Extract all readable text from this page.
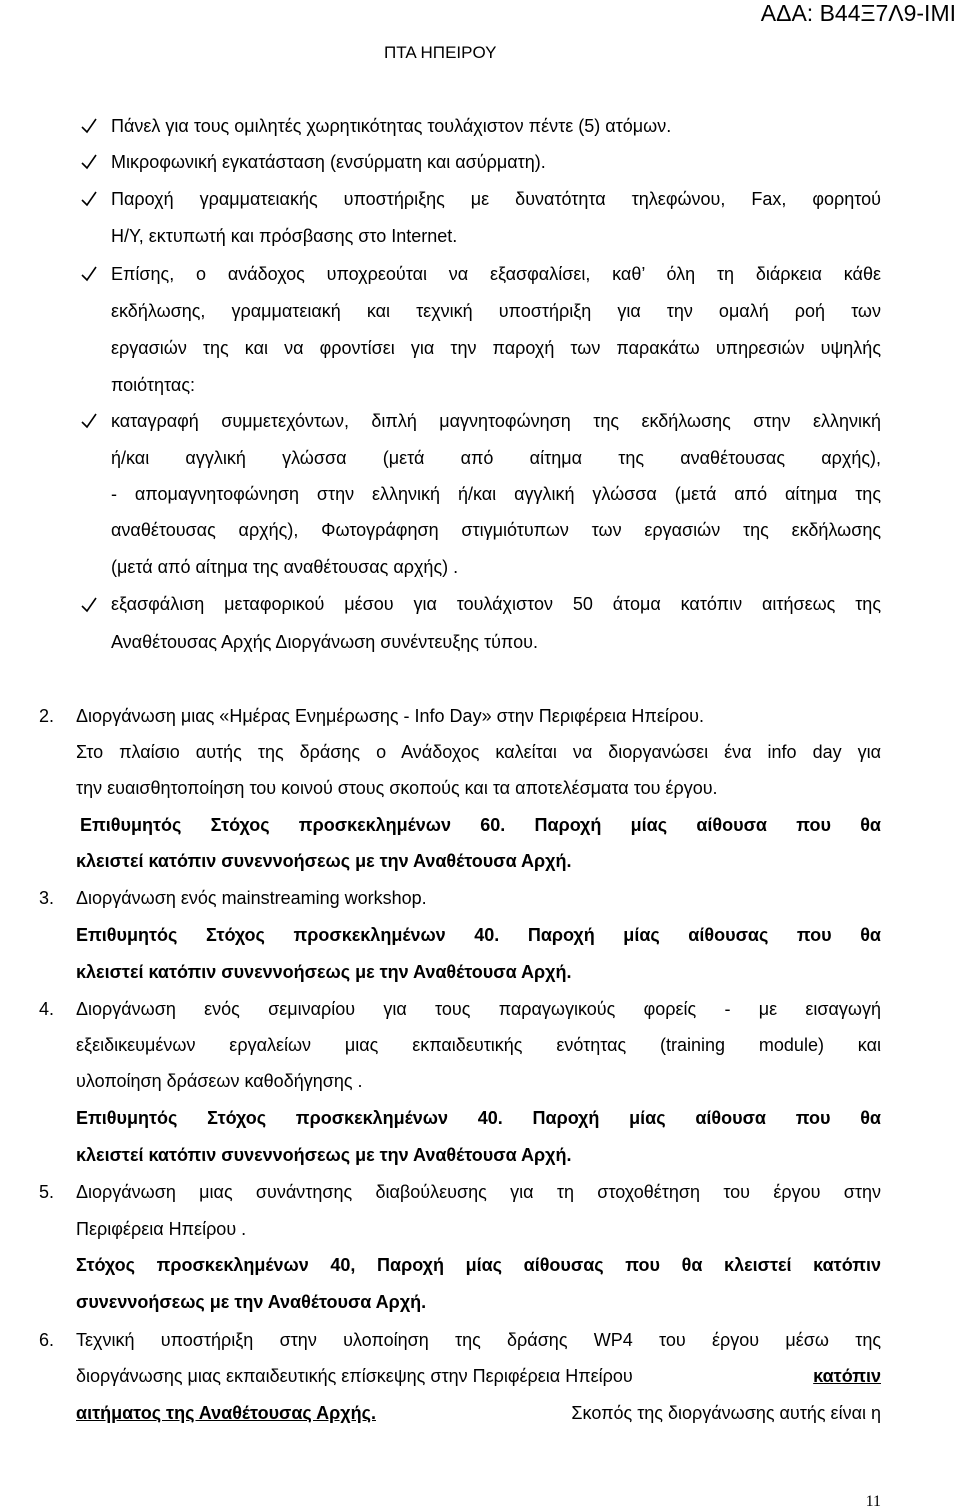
ΑΔΑ: Β44Ξ7Λ9-ΙΜΙ
ΠΤΑ ΗΠΕΙΡΟΥ
Πάνελ για τους ομιλητές χωρητικότητας τουλάχιστον πέντε (5) ατόμων.
Μικροφωνική εγκατάσταση (ενσύρματη και ασύρματη).
Παροχή γραμματειακής υποστήριξης με δυνατότητα τηλεφώνου, Fax, φορητού
Η/Υ, εκτυπωτή και πρόσβασης στο Internet.
Επίσης, ο ανάδοχος υποχρεούται να εξασφαλίσει, καθ’ όλη τη διάρκεια κάθε
εκδήλωσης, γραμματειακή και τεχνική υποστήριξη για την ομαλή ροή των
εργασιών της και να φροντίσει για την παροχή των παρακάτω υπηρεσιών υψηλής
ποιότητας:
καταγραφή συμμετεχόντων, διπλή μαγνητοφώνηση της εκδήλωσης στην ελληνική
ή/και αγγλική γλώσσα (μετά από αίτημα της αναθέτουσας αρχής),
- απομαγνητοφώνηση στην ελληνική ή/και αγγλική γλώσσα (μετά από αίτημα της
αναθέτουσας αρχής), Φωτογράφηση στιγμιότυπων των εργασιών της εκδήλωσης
(μετά από αίτημα της αναθέτουσας αρχής) .
εξασφάλιση μεταφορικού μέσου για τουλάχιστον 50 άτομα κατόπιν αιτήσεως της
Αναθέτουσας Αρχής Διοργάνωση συνέντευξης τύπου.
2. Διοργάνωση μιας «Ημέρας Ενημέρωσης - Info Day» στην Περιφέρεια Ηπείρου.
Στο πλαίσιο αυτής της δράσης ο Ανάδοχος καλείται να διοργανώσει ένα info day για
την ευαισθητοποίηση του κοινού στους σκοπούς και τα αποτελέσματα του έργου.
Επιθυμητός Στόχος προσκεκλημένων 60. Παροχή μίας αίθουσα που θα
κλειστεί κατόπιν συνεννοήσεως με την Αναθέτουσα Αρχή.
3. Διοργάνωση ενός mainstreaming workshop.
Επιθυμητός Στόχος προσκεκλημένων 40. Παροχή μίας αίθουσας που θα
κλειστεί κατόπιν συνεννοήσεως με την Αναθέτουσα Αρχή.
4. Διοργάνωση ενός σεμιναρίου για τους παραγωγικούς φορείς - με εισαγωγή
εξειδικευμένων εργαλείων μιας εκπαιδευτικής ενότητας (training module) και
υλοποίηση δράσεων καθοδήγησης .
Επιθυμητός Στόχος προσκεκλημένων 40. Παροχή μίας αίθουσα που θα
κλειστεί κατόπιν συνεννοήσεως με την Αναθέτουσα Αρχή.
5. Διοργάνωση μιας συνάντησης διαβούλευσης για τη στοχοθέτηση του έργου στην
Περιφέρεια Ηπείρου .
Στόχος προσκεκλημένων 40, Παροχή μίας αίθουσας που θα κλειστεί κατόπιν
συνεννοήσεως με την Αναθέτουσα Αρχή.
6. Τεχνική υποστήριξη στην υλοποίηση της δράσης WP4 του έργου μέσω της
διοργάνωσης μιας εκπαιδευτικής επίσκεψης στην Περιφέρεια Ηπείρου	κατόπιν
αιτήματος της Αναθέτουσας Αρχής.	Σκοπός της διοργάνωσης αυτής είναι η
11
